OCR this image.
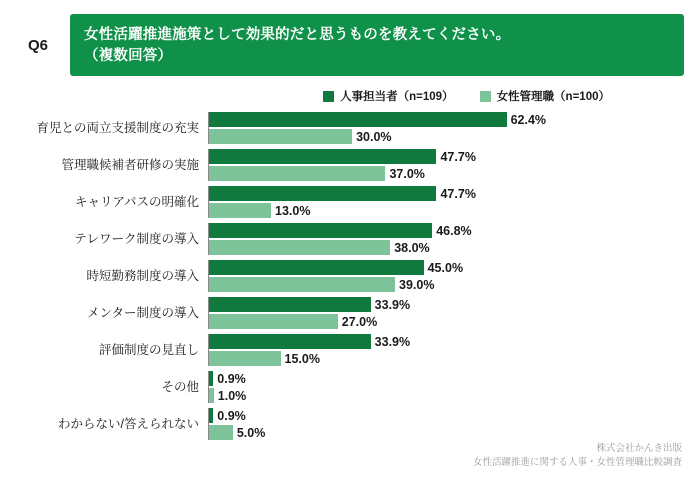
Q6
女性活躍推進施策として効果的だと思うものを教えてください。
（複数回答）
人事担当者（n=109）	女性管理職（n=100）
育児との両立支援制度の充実
62.4%
30.0%
管理職候補者研修の実施
47.7%
37.0%
キャリアパスの明確化
47.7%
13.0%
テレワーク制度の導入
46.8%
38.0%
時短勤務制度の導入
45.0%
39.0%
メンター制度の導入
33.9%
27.0%
評価制度の見直し
33.9%
15.0%
その他
0.9%
1.0%
わからない/答えられない
0.9%
5.0%
株式会社かんき出版
女性活躍推進に関する人事・女性管理職比較調査
